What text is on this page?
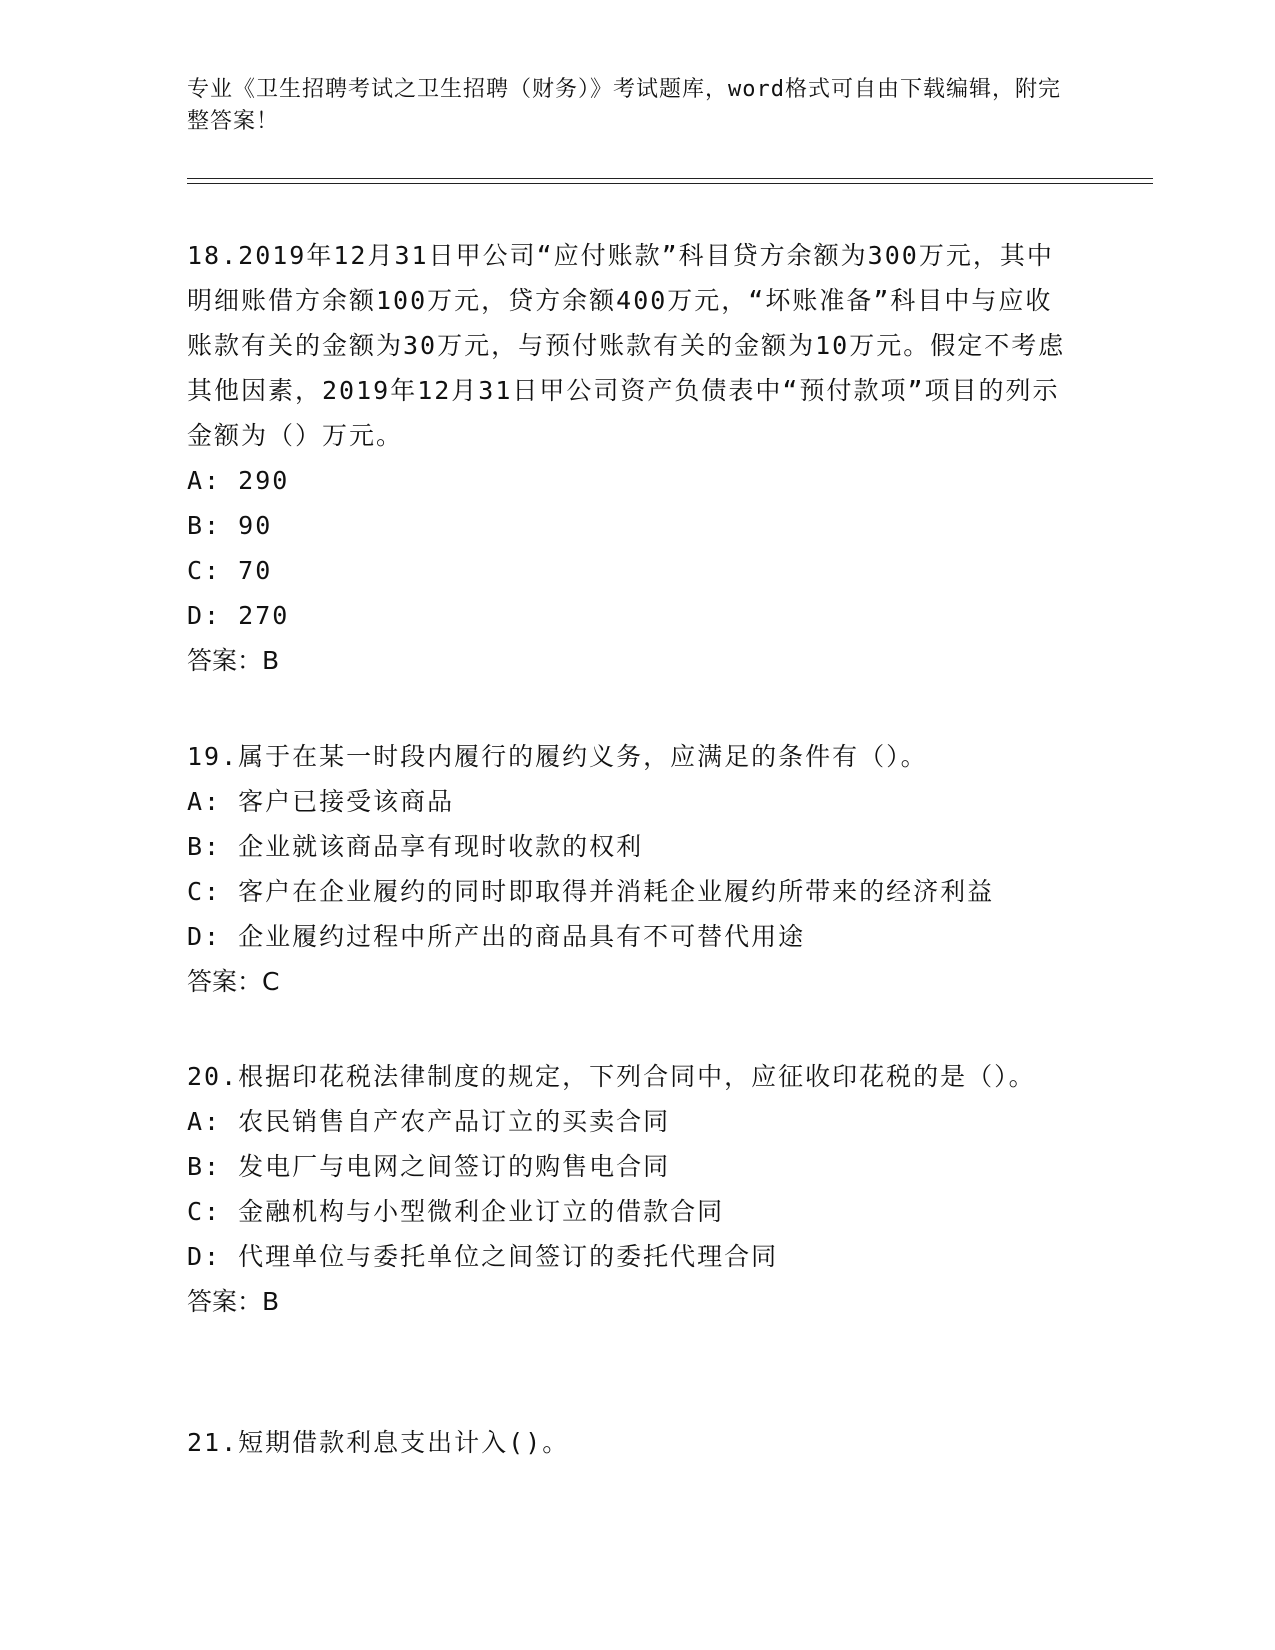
专业《卫生招聘考试之卫生招聘（财务）》考试题库，word格式可自由下载编辑，附完整答案！

18.2019年12月31日甲公司“应付账款”科目贷方余额为300万元，其中明细账借方余额100万元，贷方余额400万元，“坏账准备”科目中与应收账款有关的金额为30万元，与预付账款有关的金额为10万元。假定不考虑其他因素，2019年12月31日甲公司资产负债表中“预付款项”项目的列示金额为（）万元。

A: 290

B: 90

C: 70

D: 270

答案：B

19.属于在某一时段内履行的履约义务，应满足的条件有（）。

A: 客户已接受该商品

B: 企业就该商品享有现时收款的权利

C: 客户在企业履约的同时即取得并消耗企业履约所带来的经济利益

D: 企业履约过程中所产出的商品具有不可替代用途

答案：C

20.根据印花税法律制度的规定，下列合同中，应征收印花税的是（）。

A: 农民销售自产农产品订立的买卖合同

B: 发电厂与电网之间签订的购售电合同

C: 金融机构与小型微利企业订立的借款合同

D: 代理单位与委托单位之间签订的委托代理合同

答案：B

21.短期借款利息支出计入()。
